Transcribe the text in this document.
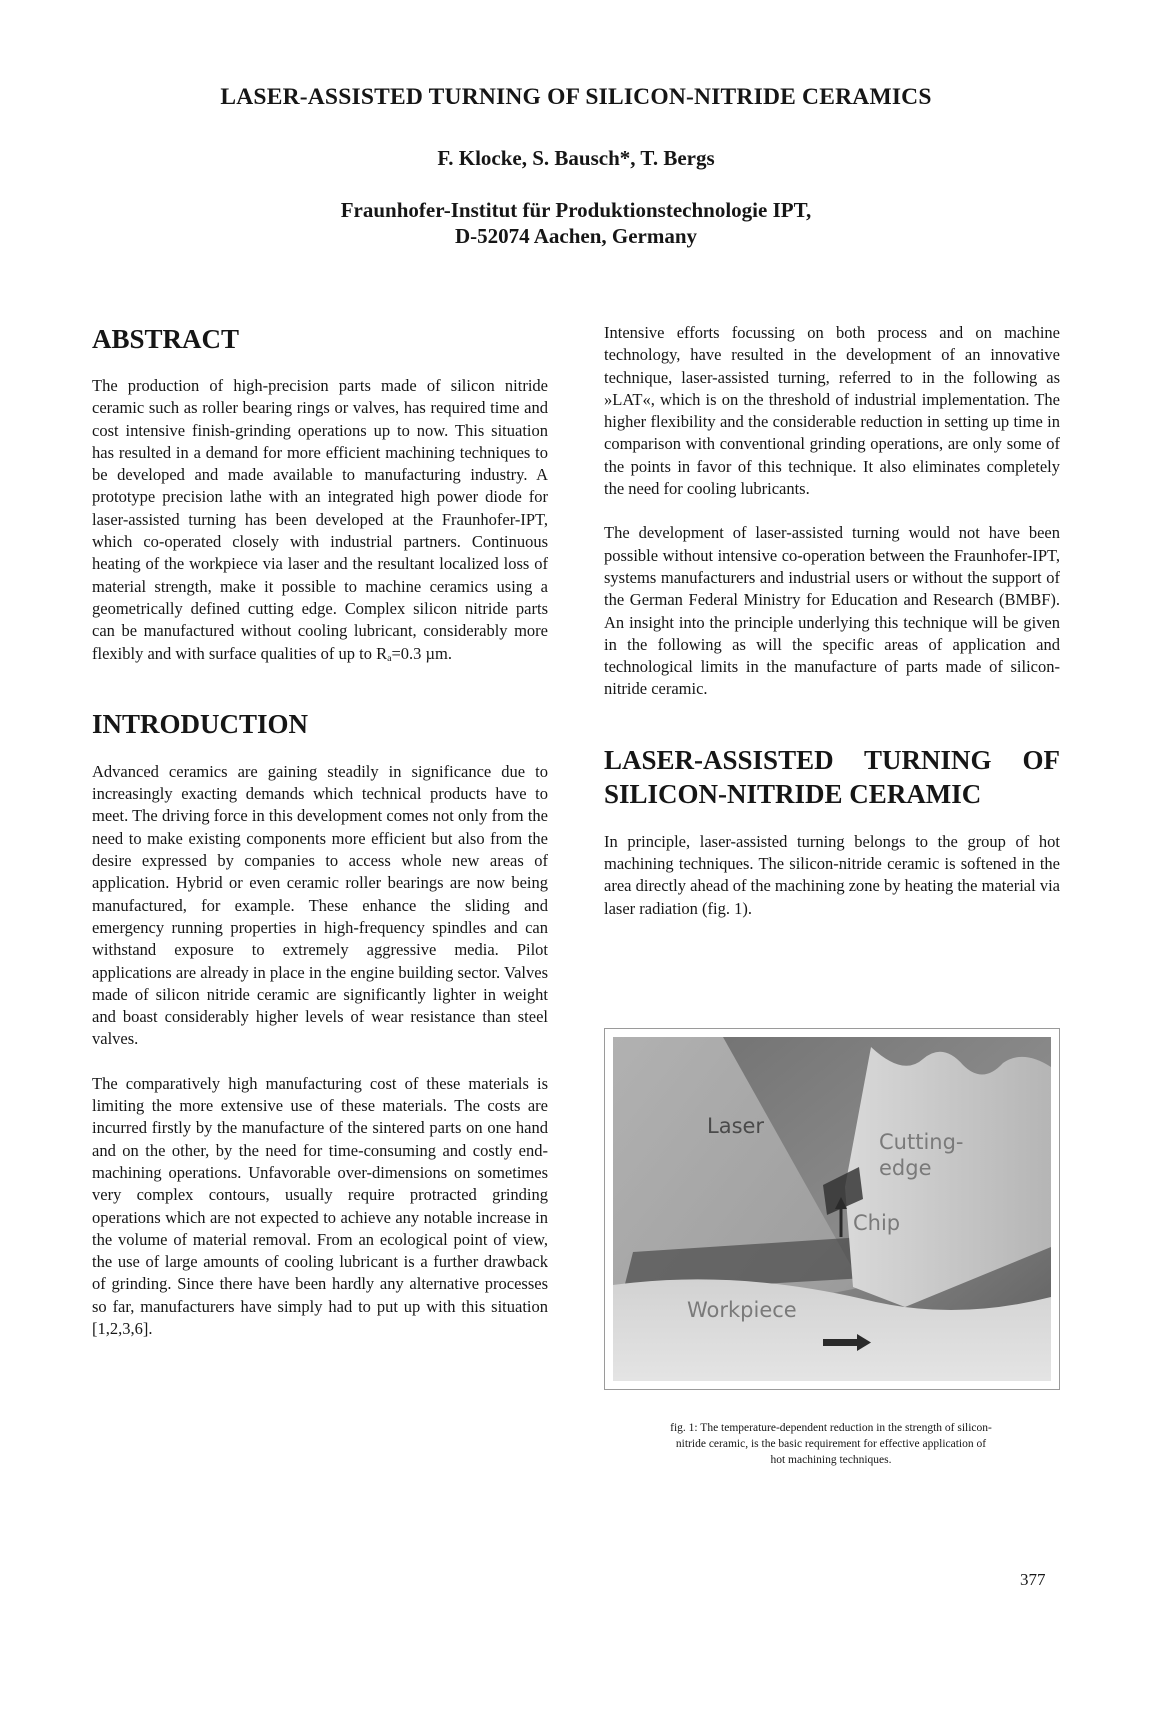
LASER-ASSISTED TURNING OF SILICON-NITRIDE CERAMICS

F. Klocke, S. Bausch*, T. Bergs

Fraunhofer-Institut für Produktionstechnologie IPT,
D-52074 Aachen, Germany
ABSTRACT

The production of high-precision parts made of silicon nitride ceramic such as roller bearing rings or valves, has required time and cost intensive finish-grinding operations up to now. This situation has resulted in a demand for more efficient machining techniques to be developed and made available to manufacturing industry. A prototype precision lathe with an integrated high power diode for laser-assisted turning has been developed at the Fraunhofer-IPT, which co-operated closely with industrial partners. Continuous heating of the workpiece via laser and the resultant localized loss of material strength, make it possible to machine ceramics using a geometrically defined cutting edge. Complex silicon nitride parts can be manufactured without cooling lubricant, considerably more flexibly and with surface qualities of up to $R_a=0.3$ µm.

INTRODUCTION

Advanced ceramics are gaining steadily in significance due to increasingly exacting demands which technical products have to meet. The driving force in this development comes not only from the need to make existing components more efficient but also from the desire expressed by companies to access whole new areas of application. Hybrid or even ceramic roller bearings are now being manufactured, for example. These enhance the sliding and emergency running properties in high-frequency spindles and can withstand exposure to extremely aggressive media. Pilot applications are already in place in the engine building sector. Valves made of silicon nitride ceramic are significantly lighter in weight and boast considerably higher levels of wear resistance than steel valves.

The comparatively high manufacturing cost of these materials is limiting the more extensive use of these materials. The costs are incurred firstly by the manufacture of the sintered parts on one hand and on the other, by the need for time-consuming and costly end-machining operations. Unfavorable over-dimensions on sometimes very complex contours, usually require protracted grinding operations which are not expected to achieve any notable increase in the volume of material removal. From an ecological point of view, the use of large amounts of cooling lubricant is a further drawback of grinding. Since there have been hardly any alternative processes so far, manufacturers have simply had to put up with this situation [1,2,3,6].

Intensive efforts focussing on both process and on machine technology, have resulted in the development of an innovative technique, laser-assisted turning, referred to in the following as »LAT«, which is on the threshold of industrial implementation. The higher flexibility and the considerable reduction in setting up time in comparison with conventional grinding operations, are only some of the points in favor of this technique. It also eliminates completely the need for cooling lubricants.

The development of laser-assisted turning would not have been possible without intensive co-operation between the Fraunhofer-IPT, systems manufacturers and industrial users or without the support of the German Federal Ministry for Education and Research (BMBF). An insight into the principle underlying this technique will be given in the following as will the specific areas of application and technological limits in the manufacture of parts made of silicon-nitride ceramic.

LASER-ASSISTED TURNING OF
SILICON-NITRIDE CERAMIC

In principle, laser-assisted turning belongs to the group of hot machining techniques. The silicon-nitride ceramic is softened in the area directly ahead of the machining zone by heating the material via laser radiation (fig. 1).

Laser
Cutting-
edge
Chip
Workpiece
fig. 1: The temperature-dependent reduction in the strength of silicon-
nitride ceramic, is the basic requirement for effective application of
hot machining techniques.

377
